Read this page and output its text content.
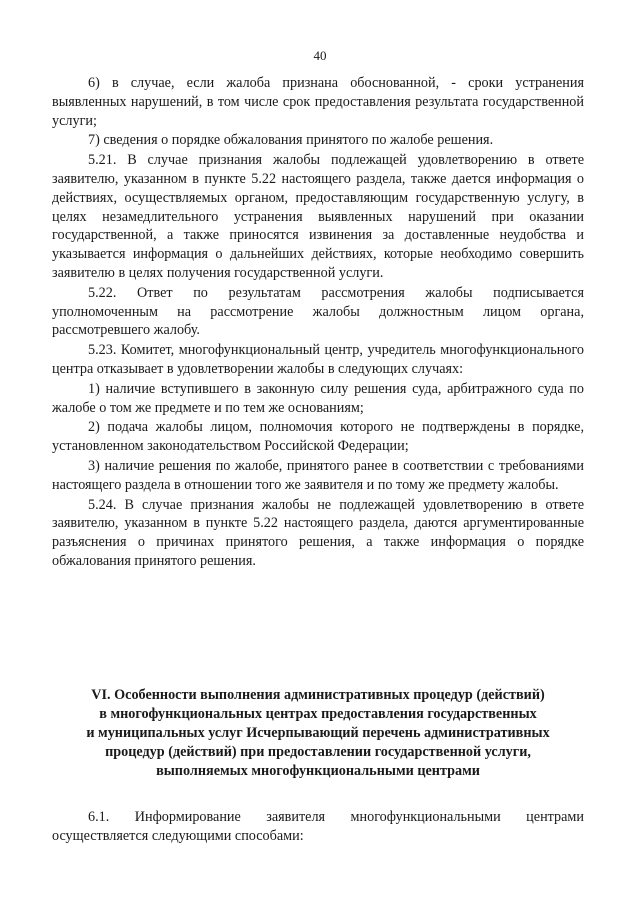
40

6) в случае, если жалоба признана обоснованной, - сроки устранения выявленных нарушений, в том числе срок предоставления результата государственной услуги;

7) сведения о порядке обжалования принятого по жалобе решения.

5.21. В случае признания жалобы подлежащей удовлетворению в ответе заявителю, указанном в пункте 5.22 настоящего раздела, также дается информация о действиях, осуществляемых органом, предоставляющим государственную услугу, в целях незамедлительного устранения выявленных нарушений при оказании государственной, а также приносятся извинения за доставленные неудобства и указывается информация о дальнейших действиях, которые необходимо совершить заявителю в целях получения государственной услуги.

5.22. Ответ по результатам рассмотрения жалобы подписывается уполномоченным на рассмотрение жалобы должностным лицом органа, рассмотревшего жалобу.

5.23. Комитет, многофункциональный центр, учредитель многофункционального центра отказывает в удовлетворении жалобы в следующих случаях:

1) наличие вступившего в законную силу решения суда, арбитражного суда по жалобе о том же предмете и по тем же основаниям;

2) подача жалобы лицом, полномочия которого не подтверждены в порядке, установленном законодательством Российской Федерации;

3) наличие решения по жалобе, принятого ранее в соответствии с требованиями настоящего раздела в отношении того же заявителя и по тому же предмету жалобы.

5.24. В случае признания жалобы не подлежащей удовлетворению в ответе заявителю, указанном в пункте 5.22 настоящего раздела, даются аргументированные разъяснения о причинах принятого решения, а также информация о порядке обжалования принятого решения.

VI. Особенности выполнения административных процедур (действий)
в многофункциональных центрах предоставления государственных
и муниципальных услуг Исчерпывающий перечень административных
процедур (действий) при предоставлении государственной услуги,
выполняемых многофункциональными центрами

6.1. Информирование заявителя многофункциональными центрами осуществляется следующими способами:
